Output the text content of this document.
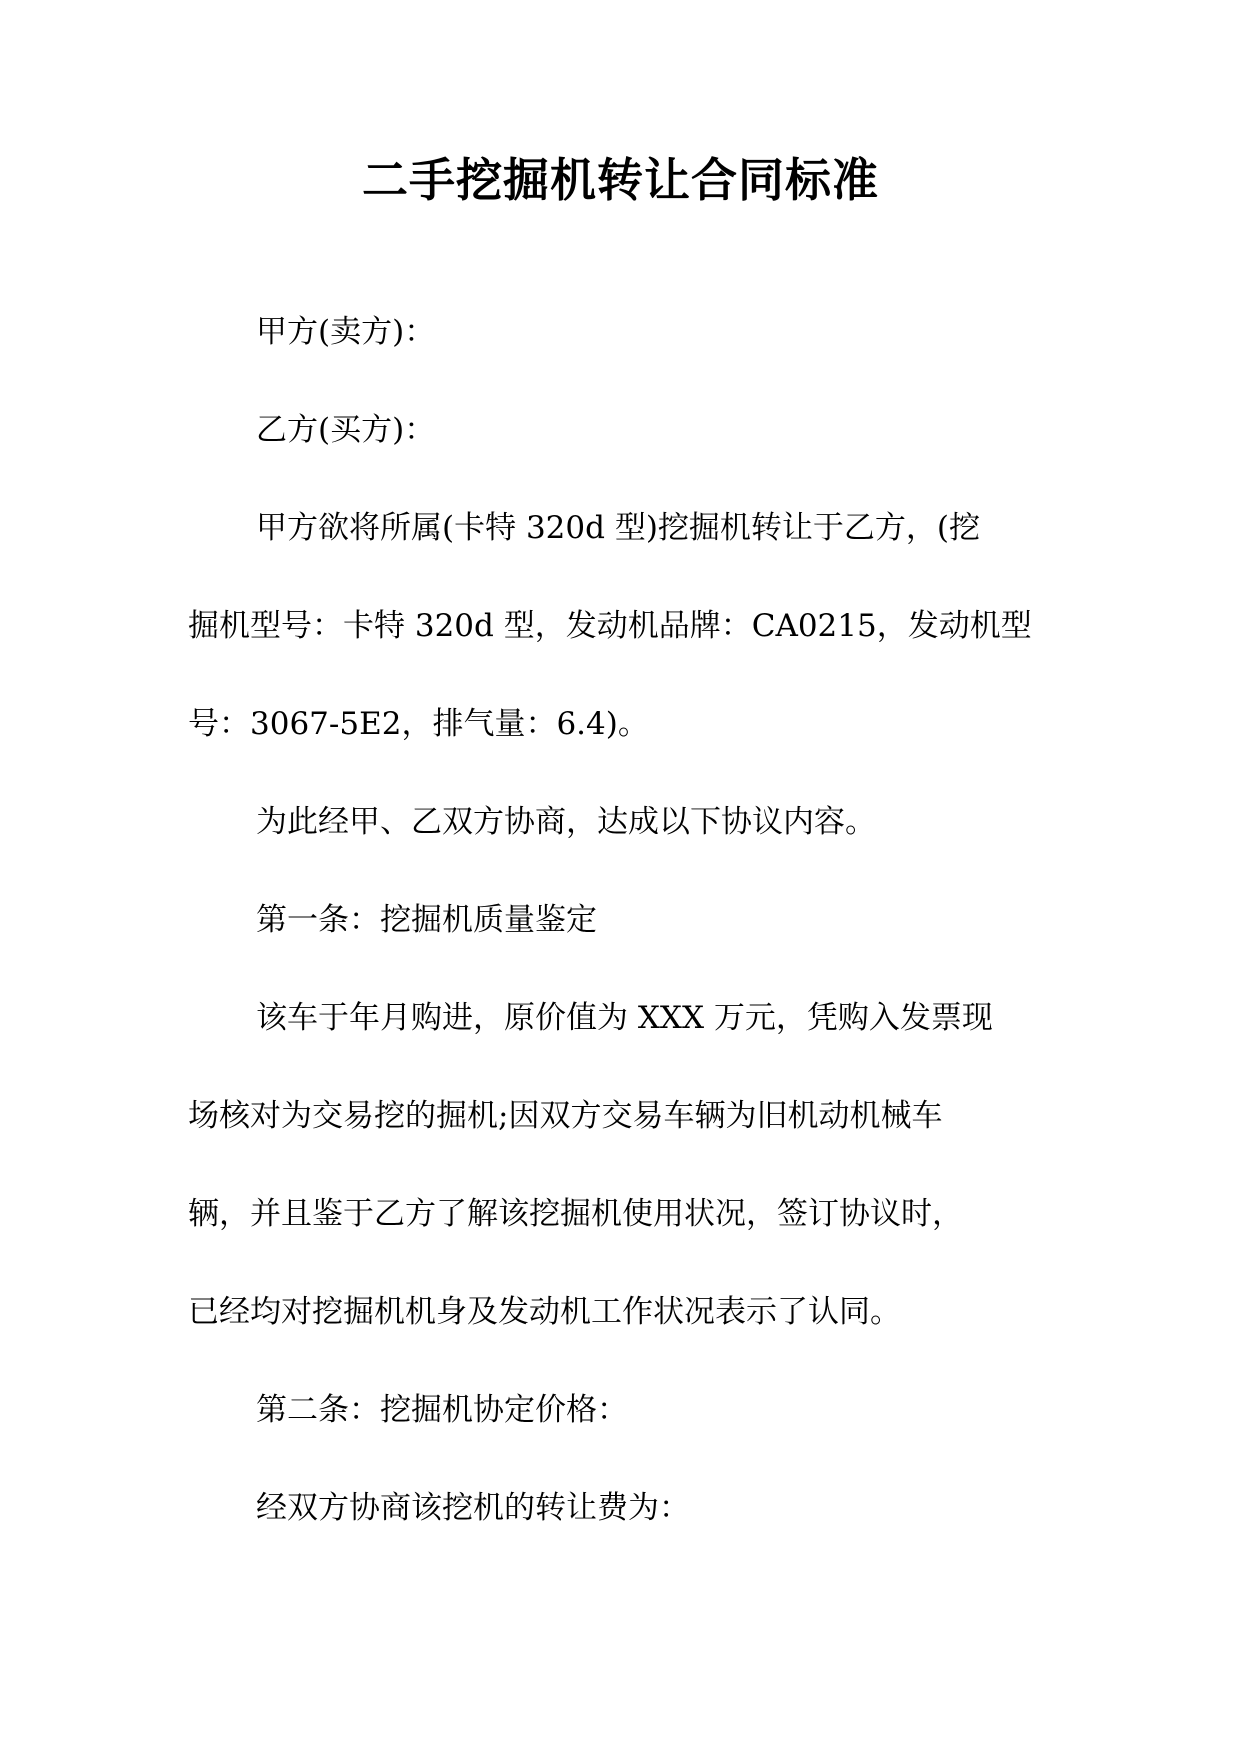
二手挖掘机转让合同标准

甲方(卖方)：

乙方(买方)：

甲方欲将所属(卡特 320d 型)挖掘机转让于乙方，(挖

掘机型号：卡特 320d 型，发动机品牌：CA0215，发动机型

号：3067-5E2，排气量：6.4)。

为此经甲、乙双方协商，达成以下协议内容。

第一条：挖掘机质量鉴定

该车于年月购进，原价值为 XXX 万元，凭购入发票现

场核对为交易挖的掘机;因双方交易车辆为旧机动机械车

辆，并且鉴于乙方了解该挖掘机使用状况，签订协议时，

已经均对挖掘机机身及发动机工作状况表示了认同。

第二条：挖掘机协定价格：

经双方协商该挖机的转让费为：
